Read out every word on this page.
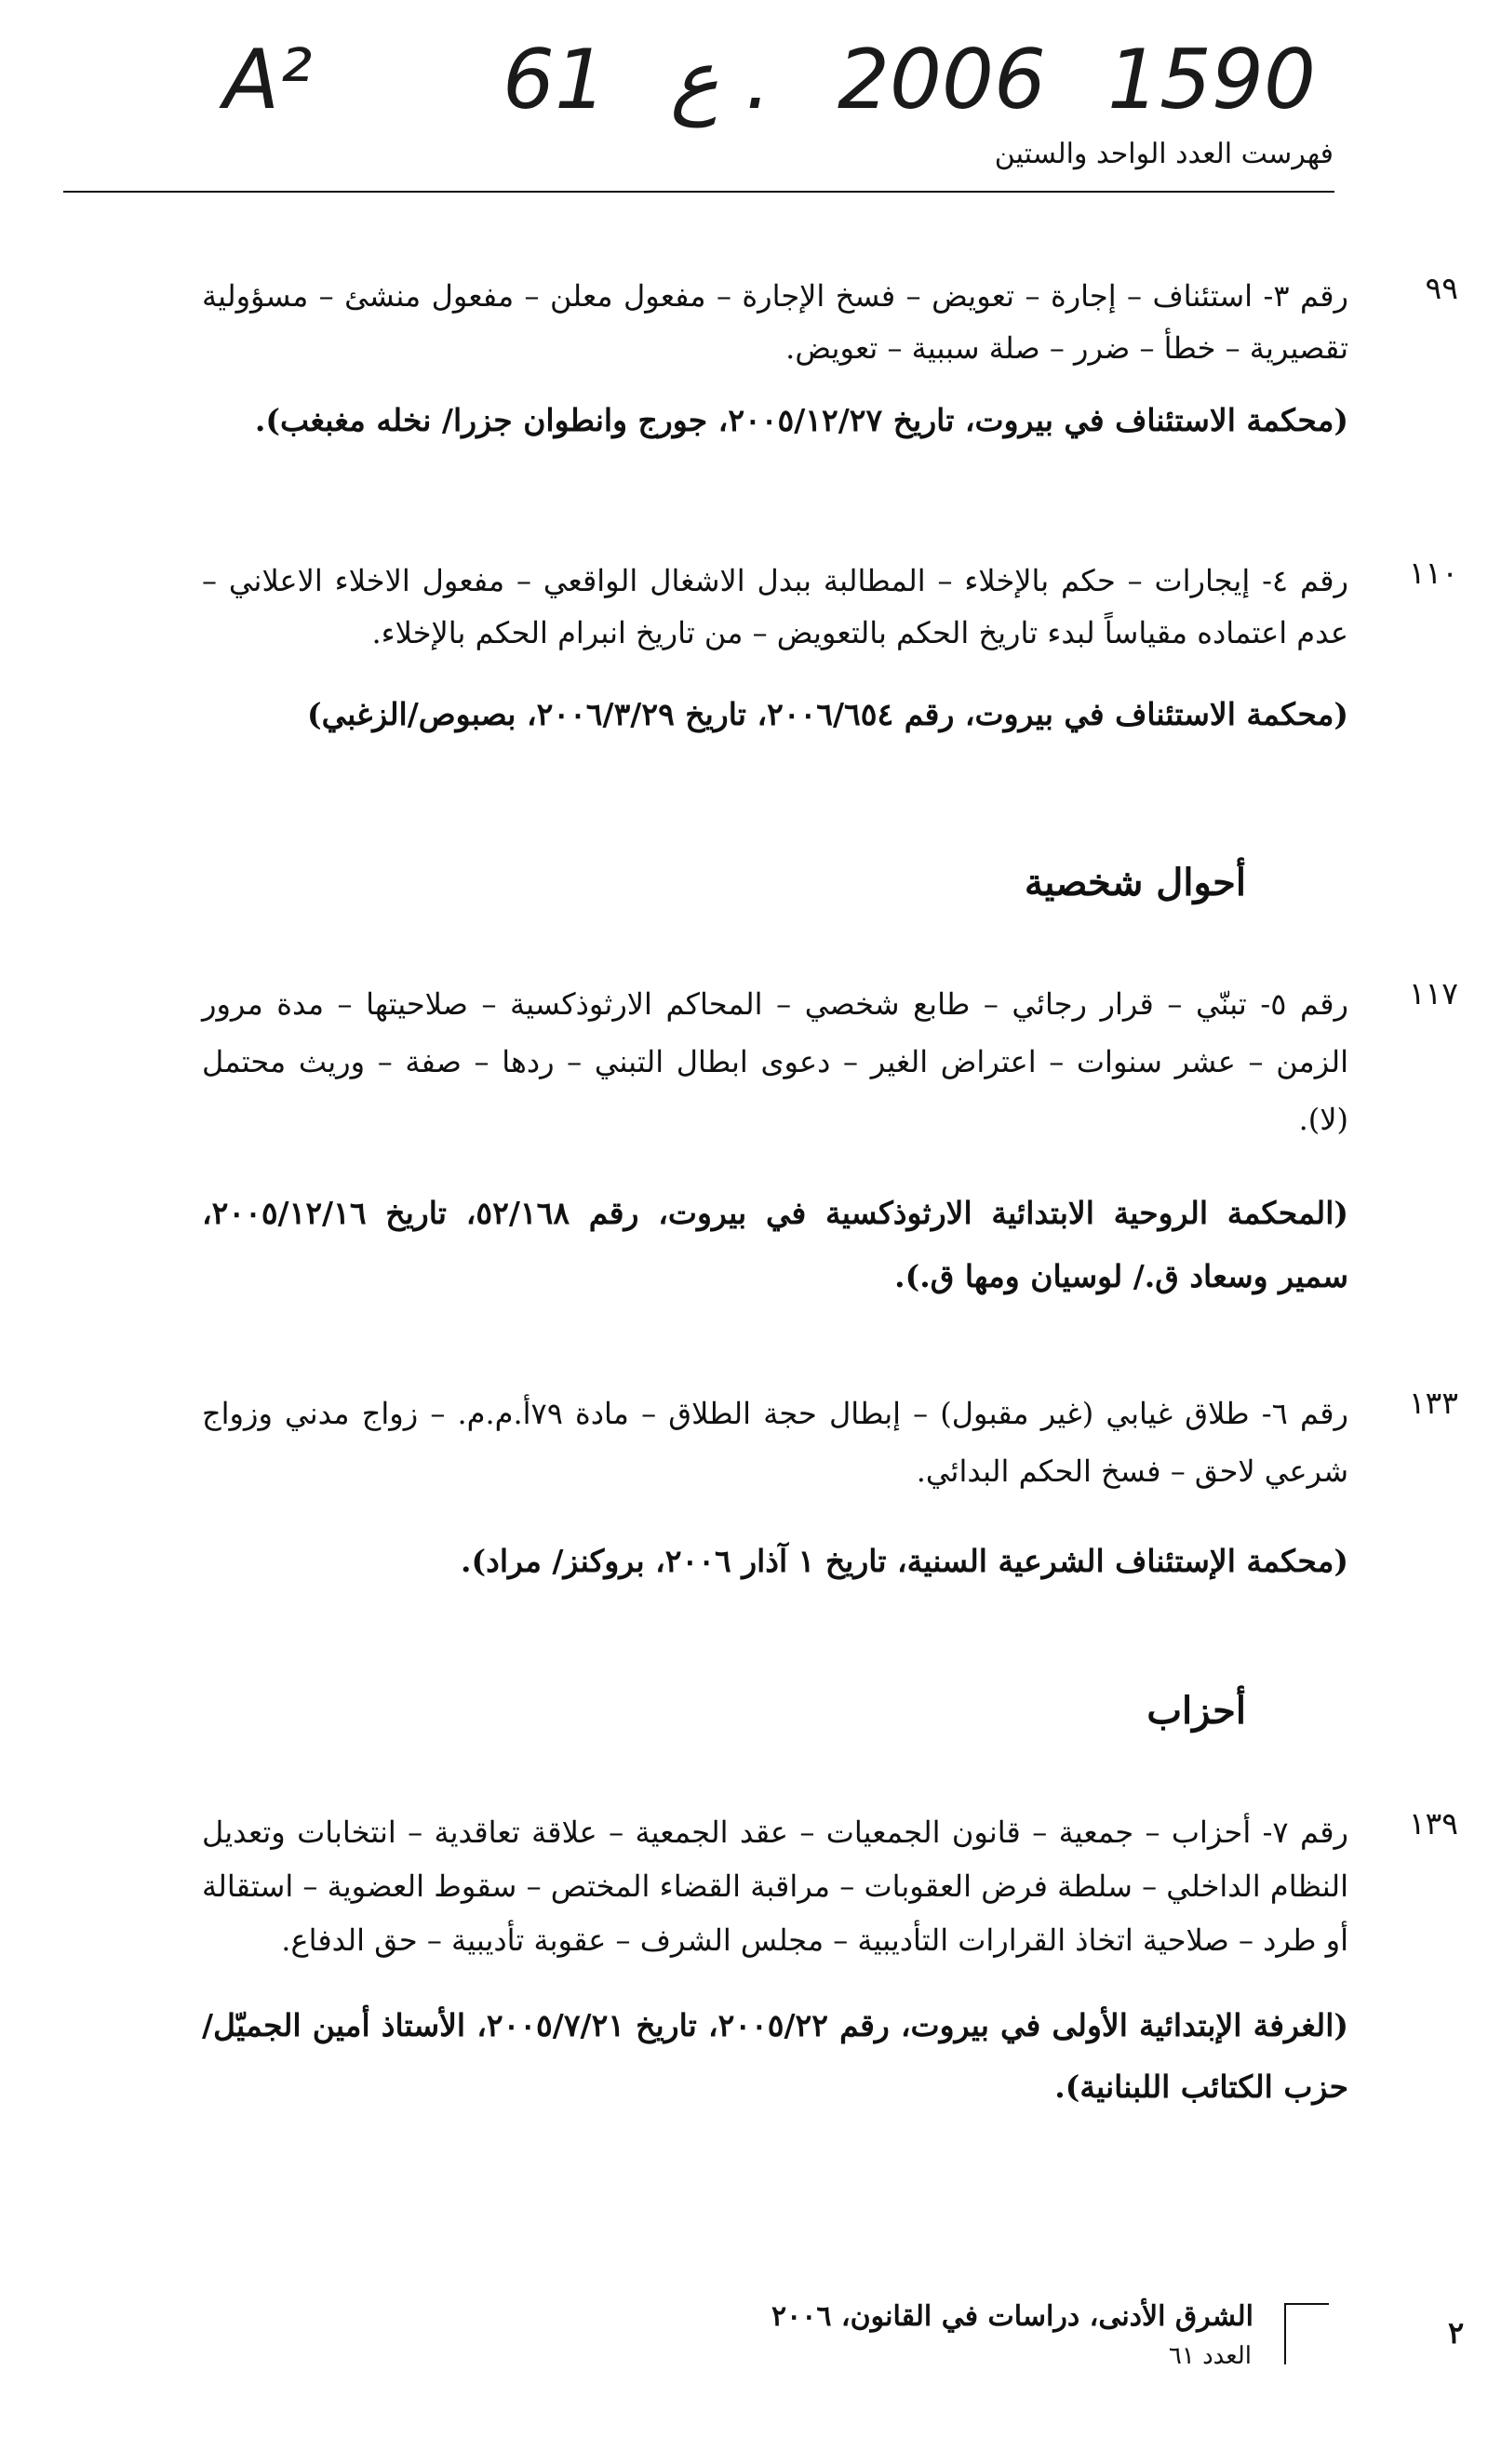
A² 61 ع . 2006 1590
فهرست العدد الواحد والستين
٩٩

رقم ٣- استئناف – إجارة – تعويض – فسخ الإجارة – مفعول معلن – مفعول منشئ – مسؤولية تقصيرية – خطأ – ضرر – صلة سببية – تعويض.

(محكمة الاستئناف في بيروت، تاريخ ٢٠٠٥/١٢/٢٧، جورج وانطوان جزرا/ نخله مغبغب).

١١٠

رقم ٤- إيجارات – حكم بالإخلاء – المطالبة ببدل الاشغال الواقعي – مفعول الاخلاء الاعلاني – عدم اعتماده مقياساً لبدء تاريخ الحكم بالتعويض – من تاريخ انبرام الحكم بالإخلاء.

(محكمة الاستئناف في بيروت، رقم ٢٠٠٦/٦٥٤، تاريخ ٢٠٠٦/٣/٢٩، بصبوص/الزغبي)

أحوال شخصية
١١٧

رقم ٥- تبنّي – قرار رجائي – طابع شخصي – المحاكم الارثوذكسية – صلاحيتها – مدة مرور الزمن – عشر سنوات – اعتراض الغير – دعوى ابطال التبني – ردها – صفة – وريث محتمل (لا).

(المحكمة الروحية الابتدائية الارثوذكسية في بيروت، رقم ٥٢/١٦٨، تاريخ ٢٠٠٥/١٢/١٦، سمير وسعاد ق./ لوسيان ومها ق.).

١٣٣

رقم ٦- طلاق غيابي (غير مقبول) – إبطال حجة الطلاق – مادة ٧٩أ.م.م. – زواج مدني وزواج شرعي لاحق – فسخ الحكم البدائي.

(محكمة الإستئناف الشرعية السنية، تاريخ ١ آذار ٢٠٠٦، بروكنز/ مراد).

أحزاب
١٣٩

رقم ٧- أحزاب – جمعية – قانون الجمعيات – عقد الجمعية – علاقة تعاقدية – انتخابات وتعديل النظام الداخلي – سلطة فرض العقوبات – مراقبة القضاء المختص – سقوط العضوية – استقالة أو طرد – صلاحية اتخاذ القرارات التأديبية – مجلس الشرف – عقوبة تأديبية – حق الدفاع.

(الغرفة الإبتدائية الأولى في بيروت، رقم ٢٠٠٥/٢٢، تاريخ ٢٠٠٥/٧/٢١، الأستاذ أمين الجميّل/ حزب الكتائب اللبنانية).

الشرق الأدنى، دراسات في القانون، ٢٠٠٦
العدد ٦١
٢
